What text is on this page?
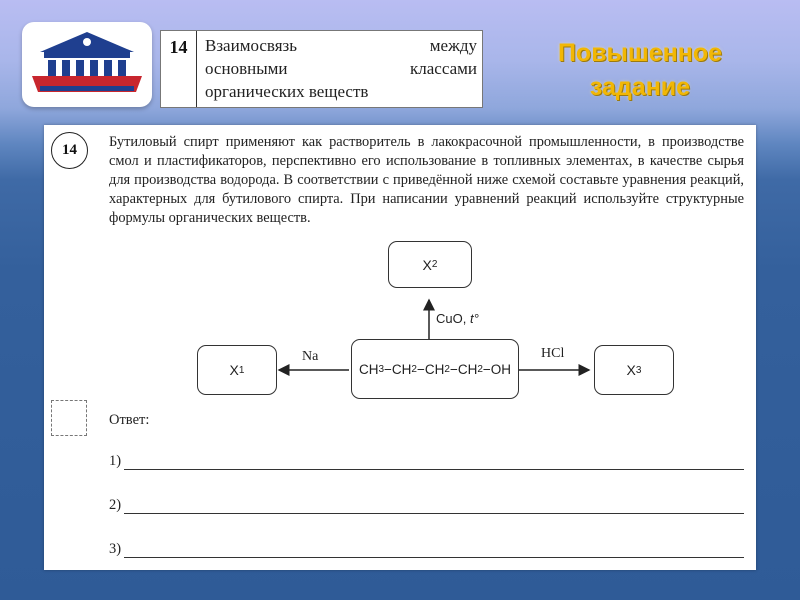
14	Взаимосвязь между
основными классами
органических веществ
Повышенное
задание
14	Бутиловый спирт применяют как растворитель в лакокрасочной промышленности, в производстве смол и пластификаторов, перспективно его использование в топливных элементах, в качестве сырья для производства водорода. В соответствии с приведённой ниже схемой составьте уравнения реакций, характерных для бутилового спирта. При написании уравнений реакций используйте структурные формулы органических веществ.
X 2
CuO, t°
X 1
Na
CH 3 −CH 2 −CH 2 −CH 2 −OH
HCl
X 3
Ответ:
1)
2)
3)
